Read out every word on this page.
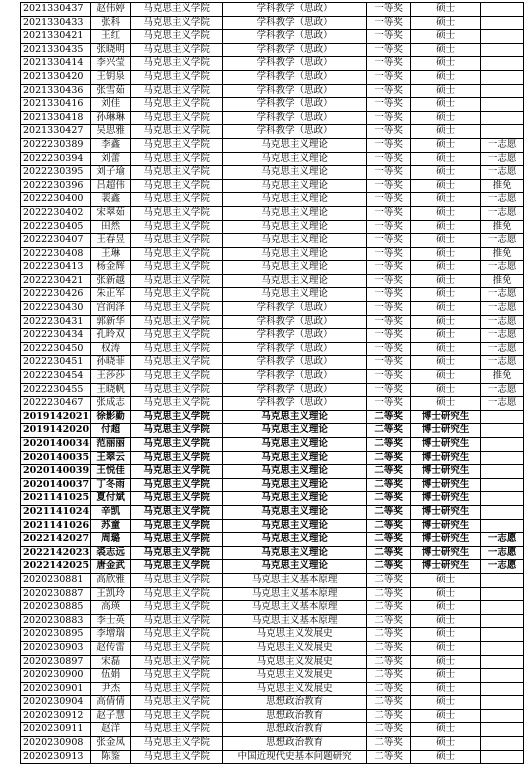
2021330437	赵伟婷	马克思主义学院	学科教学（思政）	一等奖	硕士	
2021330433	张科	马克思主义学院	学科教学（思政）	一等奖	硕士	
2021330421	王红	马克思主义学院	学科教学（思政）	一等奖	硕士	
2021330435	张晓明	马克思主义学院	学科教学（思政）	一等奖	硕士	
2021330414	李兴莹	马克思主义学院	学科教学（思政）	一等奖	硕士	
2021330420	王钥泉	马克思主义学院	学科教学（思政）	一等奖	硕士	
2021330436	张雪茹	马克思主义学院	学科教学（思政）	一等奖	硕士	
2021330416	刘佳	马克思主义学院	学科教学（思政）	一等奖	硕士	
2021330418	孙琳琳	马克思主义学院	学科教学（思政）	一等奖	硕士	
2021330427	吴思雅	马克思主义学院	学科教学（思政）	一等奖	硕士	
2022230389	李鑫	马克思主义学院	马克思主义理论	一等奖	硕士	一志愿
2022230394	刘蕾	马克思主义学院	马克思主义理论	一等奖	硕士	一志愿
2022230395	刘子瑜	马克思主义学院	马克思主义理论	一等奖	硕士	一志愿
2022230396	吕超伟	马克思主义学院	马克思主义理论	一等奖	硕士	推免
2022230400	裴鑫	马克思主义学院	马克思主义理论	一等奖	硕士	一志愿
2022230402	宋翠茹	马克思主义学院	马克思主义理论	一等奖	硕士	一志愿
2022230405	田然	马克思主义学院	马克思主义理论	一等奖	硕士	推免
2022230407	王春昱	马克思主义学院	马克思主义理论	一等奖	硕士	一志愿
2022230408	王琳	马克思主义学院	马克思主义理论	一等奖	硕士	推免
2022230413	杨金辉	马克思主义学院	马克思主义理论	一等奖	硕士	一志愿
2022230421	张新越	马克思主义学院	马克思主义理论	一等奖	硕士	推免
2022230426	朱正军	马克思主义学院	马克思主义理论	一等奖	硕士	一志愿
2022230430	宫润泽	马克思主义学院	学科教学（思政）	一等奖	硕士	一志愿
2022230431	郭新华	马克思主义学院	学科教学（思政）	一等奖	硕士	一志愿
2022230434	孔昤双	马克思主义学院	学科教学（思政）	一等奖	硕士	一志愿
2022230450	权涛	马克思主义学院	学科教学（思政）	一等奖	硕士	一志愿
2022230451	孙晓菲	马克思主义学院	学科教学（思政）	一等奖	硕士	一志愿
2022230454	王莎莎	马克思主义学院	学科教学（思政）	一等奖	硕士	推免
2022230455	王晓帆	马克思主义学院	学科教学（思政）	一等奖	硕士	一志愿
2022230467	张成志	马克思主义学院	学科教学（思政）	一等奖	硕士	一志愿
2019142021	徐影勤	马克思主义学院	马克思主义理论	二等奖	博士研究生	
2019142020	付超	马克思主义学院	马克思主义理论	二等奖	博士研究生	
2020140034	范丽丽	马克思主义学院	马克思主义理论	二等奖	博士研究生	
2020140035	王翠云	马克思主义学院	马克思主义理论	二等奖	博士研究生	
2020140039	王悦佳	马克思主义学院	马克思主义理论	二等奖	博士研究生	
2020140037	丁冬雨	马克思主义学院	马克思主义理论	二等奖	博士研究生	
2021141025	夏付斌	马克思主义学院	马克思主义理论	二等奖	博士研究生	
2021141024	辛凯	马克思主义学院	马克思主义理论	二等奖	博士研究生	
2021141026	苏童	马克思主义学院	马克思主义理论	二等奖	博士研究生	
2022142027	周璐	马克思主义学院	马克思主义理论	二等奖	博士研究生	一志愿
2022142023	裘志远	马克思主义学院	马克思主义理论	二等奖	博士研究生	一志愿
2022142025	唐金武	马克思主义学院	马克思主义理论	二等奖	博士研究生	一志愿
2020230881	高欣雅	马克思主义学院	马克思主义基本原理	二等奖	硕士	
2020230887	王凯玲	马克思主义学院	马克思主义基本原理	二等奖	硕士	
2020230885	高瑛	马克思主义学院	马克思主义基本原理	二等奖	硕士	
2020230883	李士英	马克思主义学院	马克思主义基本原理	二等奖	硕士	
2020230895	李增瑞	马克思主义学院	马克思主义发展史	二等奖	硕士	
2020230903	赵传雷	马克思主义学院	马克思主义发展史	二等奖	硕士	
2020230897	宋磊	马克思主义学院	马克思主义发展史	二等奖	硕士	
2020230900	伍娟	马克思主义学院	马克思主义发展史	二等奖	硕士	
2020230901	尹杰	马克思主义学院	马克思主义发展史	二等奖	硕士	
2020230904	高倩倩	马克思主义学院	思想政治教育	二等奖	硕士	
2020230912	赵子慧	马克思主义学院	思想政治教育	二等奖	硕士	
2020230911	赵洋	马克思主义学院	思想政治教育	二等奖	硕士	
2020230908	张金凤	马克思主义学院	思想政治教育	二等奖	硕士	
2020230913	陈鉴	马克思主义学院	中国近现代史基本问题研究	二等奖	硕士	
